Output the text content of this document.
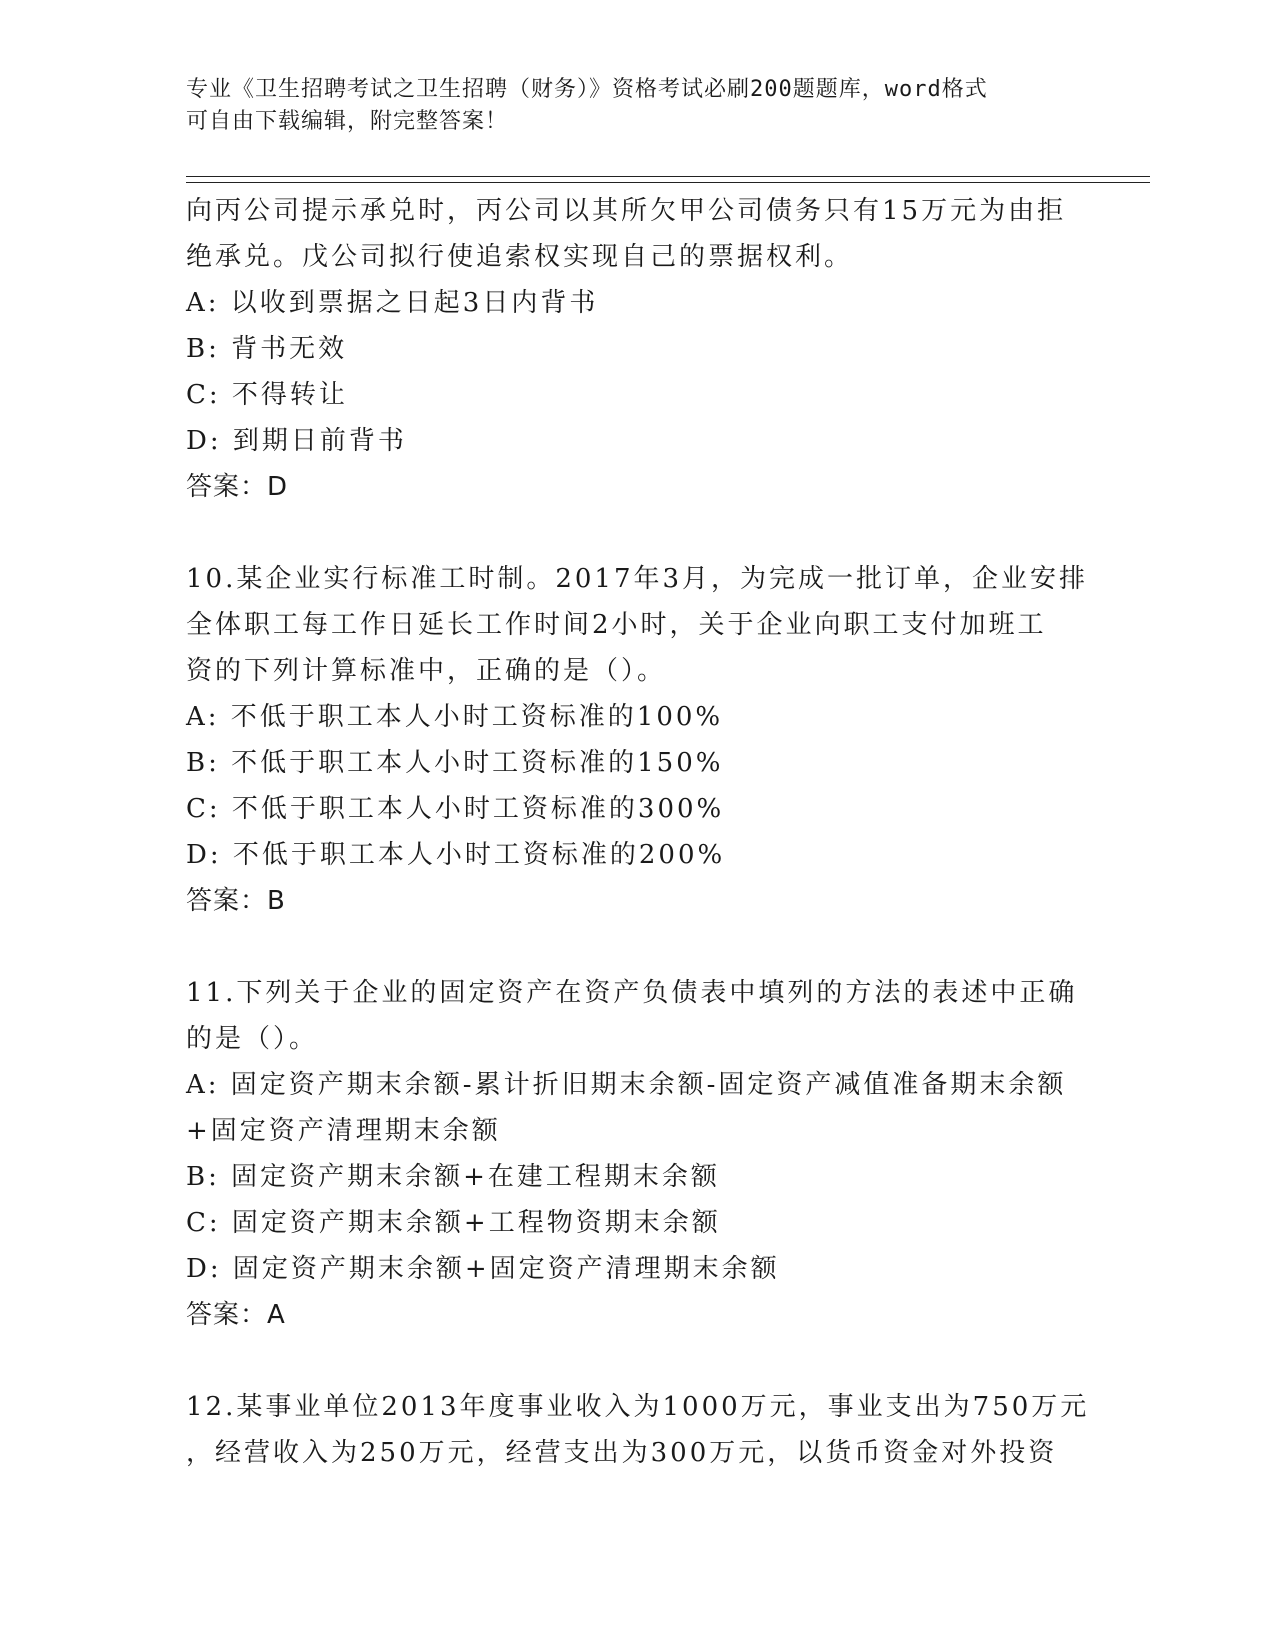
专业《卫生招聘考试之卫生招聘（财务）》资格考试必刷200题题库，word格式
可自由下载编辑，附完整答案！
向丙公司提示承兑时，丙公司以其所欠甲公司债务只有15万元为由拒
绝承兑。戊公司拟行使追索权实现自己的票据权利。
A: 以收到票据之日起3日内背书
B: 背书无效
C: 不得转让
D: 到期日前背书
答案：D
10.某企业实行标准工时制。2017年3月，为完成一批订单，企业安排
全体职工每工作日延长工作时间2小时，关于企业向职工支付加班工
资的下列计算标准中，正确的是（）。
A: 不低于职工本人小时工资标准的100%
B: 不低于职工本人小时工资标准的150%
C: 不低于职工本人小时工资标准的300%
D: 不低于职工本人小时工资标准的200%
答案：B
11.下列关于企业的固定资产在资产负债表中填列的方法的表述中正确
的是（）。
A: 固定资产期末余额-累计折旧期末余额-固定资产减值准备期末余额
+固定资产清理期末余额
B: 固定资产期末余额+在建工程期末余额
C: 固定资产期末余额+工程物资期末余额
D: 固定资产期末余额+固定资产清理期末余额
答案：A
12.某事业单位2013年度事业收入为1000万元，事业支出为750万元
，经营收入为250万元，经营支出为300万元，以货币资金对外投资
